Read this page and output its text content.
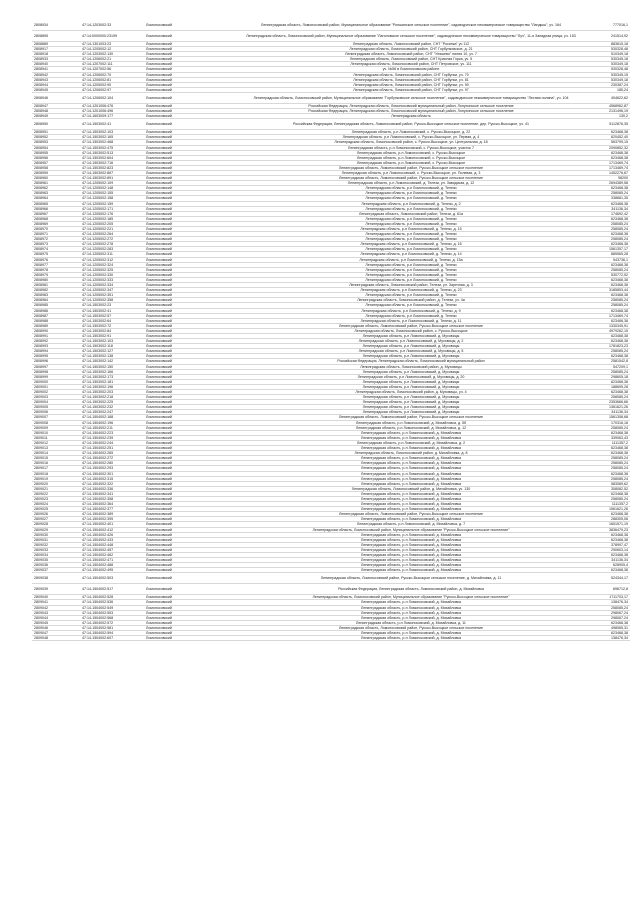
2808934	47:14-1203002:33	Ломоносовский	Ленинградская область, Ломоносовский район, Муниципальное образование "Ропшинское сельское поселение", садоводческое некоммерческое товарищество "Ландыш", уч. 164	777016,1
2808895	47:14:0000000:23199	Ломоносовский	Ленинградская область, Ломоносовский район, Муниципальное образование "Лаголовское сельское поселение", садоводческое некоммерческое товарищество "Луч", 11-я Западная улица, уч. 153	241514,92
2808889	47:14-1301003:23	Ломоносовский	Ленинградская область, Ломоносовский район, СНТ "Росинка" уч 112	883615,18
2808917	47:14-1205002:12	Ломоносовский	Ленинградская область, Ломоносовский район, СНТ Горбунковское, д. 21	530328,48
2808918	47:14-1203002:130	Ломоносовский	Ленинградская область, Ломоносовский район, СНТ "Уляшево" линия 10, уч. 7	510349,18
2808933	47:14-1206002:21	Ломоносовский	Ленинградская область, Ломоносовский район, СНТ Красная Горка, уч. 5	530345,18
2808940	47:14-1207002:111	Ломоносовский	Ленинградская область, Ломоносовский район, СНТ Петровское, уч. 111	530349,18
2808941	47:14-1207002:56	Ломоносовский	уч. №56 в Ломоносовском районе	530328,48
2808942	47:14-1206002:70	Ломоносовский	Ленинградская область, Ломоносовский район, СНТ Горбунки, уч. 70	530345,15
2808943	47:14-1206002:81	Ломоносовский	Ленинградская область, Ломоносовский район, СНТ Горбунки, уч. 81	530349,18
2808944	47:14-1205002:90	Ломоносовский	Ленинградская область, Ломоносовский район, СНТ Горбунки, уч. 90	230387,24
2808945	47:14-1206002:97	Ломоносовский	Ленинградская область, Ломоносовский район, СНТ Горбунки, уч. 97	185,24
2808946	47:14-1206002:104	Ломоносовский	Ленинградская область, Ломоносовский район, Муниципальное образование "Горбунковское сельское поселение", садоводческое некоммерческое товарищество "Лесная поляна", уч. 104	404622,62
2808947	47:14-1201006:476	Ломоносовский	Российская Федерация, Ленинградская область, Ломоносовский муниципальный район, Лопухинское сельское поселение	4568962,87
2808948	47:14-1201006:496	Ломоносовский	Российская Федерация, Ленинградская область, Ломоносовский муниципальный район, Лопухинское сельское поселение	2131496,19
2808949	47:14-1603009:177	Ломоносовский	Ленинградская область	130,2
2808950	47:14-1503002:41	Ломоносовский	Российская Федерация, Ленинградская область, Ломоносовский район, Русско-Высоцкое сельское поселение, дер. Русско-Высоцкое, уч. 41	5112876,35
2808951	47:14-1503002:103	Ломоносовский	Ленинградская область, р-н Ломоносовский, с. Русско-Высоцкое, д. 22	623468,38
2808952	47:14-1503002:165	Ломоносовский	Ленинградская область, р-н Ломоносовский, с. Русско-Высоцкое, ул. Первая, д. 4	620452,40
2808953	47:14-1503002:468	Ломоносовский	Ленинградская область, Ломоносовский район, с. Русско-Высоцкое, ул. Центральная, д. 18	563799,15
2808954	47:14-1503002:475	Ломоносовский	Ленинградская область, р-н Ломоносовский, с. Русско-Высоцкое, участок 7	2090852,32
2808955	47:14-1503002:513	Ломоносовский	Ленинградская область, р-н Ломоносовский, с. Русско-Высоцкое	623468,38
2808956	47:14-1503002:604	Ломоносовский	Ленинградская область, р-н Ломоносовский, с. Русско-Высоцкое	623468,38
2808957	47:14-1503002:716	Ломоносовский	Ленинградская область, р-н Ломоносовский, с. Русско-Высоцкое	1713469,74
2808958	47:14-1503002:823	Ломоносовский	Ленинградская область, Ломоносовский район, Русско-Высоцкое сельское поселение	1713469,74
2808959	47:14-1503002:867	Ломоносовский	Ленинградская область, р-н Ломоносовский, с. Русско-Высоцкое, ул. Полевая, д. 3	1452276,67
2808960	47:14-1503002:891	Ломоносовский	Ленинградская область, Ломоносовский район, Русско-Высоцкое сельское поселение	98200
2808961	47:14-1205002:109	Ломоносовский	Ленинградская область, р-н Ломоносовский, д. Телези, ул. Заводская, д. 12	2694389,58
2808962	47:14-1205002:148	Ломоносовский	Ленинградская область, р-н Ломоносовский, д. Телези	623468,38
2808963	47:14-1205002:155	Ломоносовский	Ленинградская область, р-н Ломоносовский, д. Телези	258085,24
2808964	47:14-1205002:158	Ломоносовский	Ленинградская область, р-н Ломоносовский, д. Телези	338681,35
2808965	47:14-1205002:159	Ломоносовский	Ленинградская область, р-н Ломоносовский, д. Телези, д. 2	623468,38
2808966	47:14-1205002:171	Ломоносовский	Ленинградская область, р-н Ломоносовский, д. Телези	341136,34
2808967	47:14-1205002:176	Ломоносовский	Ленинградская область, Ломоносовский район, Телези, д. 61а	174692,42
2808968	47:14-1205002:185	Ломоносовский	Ленинградская область, р-н Ломоносовский, д. Телези	623468,38
2808969	47:14-1205002:205	Ломоносовский	Ленинградская область, р-н Ломоносовский, д. Телези	258085,24
2808970	47:14-1205002:221	Ломоносовский	Ленинградская область, р-н Ломоносовский, д. Телези, д. 15	258085,24
2808971	47:14-1205002:264	Ломоносовский	Ленинградская область, р-н Ломоносовский, д. Телези	623468,38
2808972	47:14-1205002:272	Ломоносовский	Ленинградская область, р-н Ломоносовский, д. Телези	258085,24
2808973	47:14-1205002:278	Ломоносовский	Ленинградская область, р-н Ломоносовский, д. Телези, д. 16	623468,38
2808974	47:14-1205002:283	Ломоносовский	Ленинградская область, р-н Ломоносовский, д. Телези	1561357,17
2808975	47:14-1205002:311	Ломоносовский	Ленинградская область, р-н Ломоносовский, д. Телези, д. 14	885565,28
2808976	47:14-1205002:312	Ломоносовский	Ленинградская область, р-н Ломоносовский, д. Телези, д. 15а	543736,1
2808977	47:14-1205002:324	Ломоносовский	Ленинградская область, р-н Ломоносовский, д. Телези	623468,38
2808978	47:14-1205002:325	Ломоносовский	Ленинградская область, р-н Ломоносовский, д. Телези	258085,24
2808979	47:14-1205002:330	Ломоносовский	Ленинградская область, р-н Ломоносовский, д. Телези	530772,52
2808980	47:14-1205002:333	Ломоносовский	Ленинградская область, р-н Ломоносовский, д. Телези	623468,38
2808981	47:14-1205002:334	Ломоносовский	Ленинградская область, Ломоносовский район, Телези, ул. Заречная, д. 3	623468,38
2808982	47:14-1205002:347	Ломоносовский	Ленинградская область, р-н Ломоносовский, д. Телези, д. 23	3185853,44
2808983	47:14-1205002:351	Ломоносовский	Ленинградская область, р-н Ломоносовский, д. Телези	623468,38
2808984	47:14-1205002:358	Ломоносовский	Ленинградская область, Ломоносовский район, д. Телези, уч. 4а	258085,24
2808985	47:14-1503002:23	Ломоносовский	Ленинградская область, р-н Ломоносовский, д. Телези	258085,24
2808986	47:14-1503002:41	Ломоносовский	Ленинградская область, р-н Ломоносовский, д. Телези, д. 9	623468,38
2808987	47:14-1503002:57	Ломоносовский	Ленинградская область, р-н Ломоносовский, д. Телези	1713469,74
2808988	47:14-1503002:64	Ломоносовский	Ленинградская область, р-н Ломоносовский, д. Телези, д. 11	623468,38
2808989	47:14-1503002:72	Ломоносовский	Ленинградская область, Ломоносовский район, Русско-Высоцкое сельское поселение	1330345,91
2808990	47:14-1503002:84	Ломоносовский	Ленинградская область, Ломоносовский район, с. Русско-Высоцкое	4979262,15
2808991	47:14-1503002:91	Ломоносовский	Ленинградская область, р-н Ломоносовский, д. Муховицы	623468,38
2808992	47:14-1503002:103	Ломоносовский	Ленинградская область, р-н Ломоносовский, д. Муховицы, д. 2	623468,38
2808993	47:14-1503002:118	Ломоносовский	Ленинградская область, р-н Ломоносовский, д. Муховицы	1781823,23
2808994	47:14-1503002:127	Ломоносовский	Ленинградская область, р-н Ломоносовский, д. Муховицы, д. 5	258085,24
2808995	47:14-1503002:138	Ломоносовский	Ленинградская область, р-н Ломоносовский, д. Муховицы	623468,38
2808996	47:14-1503002:142	Ломоносовский	Российская Федерация, Ленинградская область, Ломоносовский муниципальный район	2581542,8
2808997	47:14-1503002:150	Ломоносовский	Ленинградская область, Ломоносовский район, д. Муховицы	547209,1
2808998	47:14-1503002:166	Ломоносовский	Ленинградская область, р-н Ломоносовский, д. Муховицы	258085,24
2808999	47:14-1503002:173	Ломоносовский	Ленинградская область, р-н Ломоносовский, д. Муховицы, д. 20	298605,18
2809000	47:14-1503002:181	Ломоносовский	Ленинградская область, р-н Ломоносовский, д. Муховицы	623468,38
2809001	47:14-1503002:196	Ломоносовский	Ленинградская область, р-н Ломоносовский, д. Муховицы	188695,28
2809002	47:14-1503002:203	Ломоносовский	Ленинградская область, Ломоносовский район, д. Муховицы, уч. 4	623468,38
2809003	47:14-1503002:218	Ломоносовский	Ленинградская область, р-н Ломоносовский, д. Муховицы	258085,24
2809004	47:14-1503002:225	Ломоносовский	Ленинградская область, р-н Ломоносовский, д. Муховицы	2353666,66
2809005	47:14-1503002:232	Ломоносовский	Ленинградская область, р-н Ломоносовский, д. Муховицы	1361621,26
2809006	47:14-1503002:247	Ломоносовский	Ленинградская область, р-н Ломоносовский, д. Муховицы	341136,34
2809007	47:14-1504002:188	Ломоносовский	Ленинградская область, Ломоносовский район, Русско-Высоцкое сельское поселение	1561358,68
2809008	47:14-1504002:196	Ломоносовский	Ленинградская область, р-н Ломоносовский, д. Михайловка, д. 5б	170316,18
2809009	47:14-1504002:211	Ломоносовский	Ленинградская область, р-н Ломоносовский, д. Михайловка, д. 12	258085,24
2809010	47:14-1504002:223	Ломоносовский	Ленинградская область, р-н Ломоносовский, д. Михайловка	623468,38
2809011	47:14-1504002:239	Ломоносовский	Ленинградская область, р-н Ломоносовский, д. Михайловка	339063,43
2809012	47:14-1504002:244	Ломоносовский	Ленинградская область, р-н Ломоносовский, д. Михайловка, д. 2	1111357,2
2809013	47:14-1504002:251	Ломоносовский	Ленинградская область, р-н Ломоносовский, д. Михайловка	623468,38
2809014	47:14-1504002:265	Ломоносовский	Ленинградская область, Ломоносовский район, д. Михайловка, д. 8	623468,38
2809015	47:14-1504002:272	Ломоносовский	Ленинградская область, р-н Ломоносовский, д. Михайловка	258085,24
2809016	47:14-1504002:280	Ломоносовский	Ленинградская область, р-н Ломоносовский, д. Михайловка	258085,24
2809017	47:14-1504002:293	Ломоносовский	Ленинградская область, р-н Ломоносовский, д. Михайловка	258085,24
2809018	47:14-1504002:301	Ломоносовский	Ленинградская область, р-н Ломоносовский, д. Михайловка	623468,38
2809019	47:14-1504002:315	Ломоносовский	Ленинградская область, р-н Ломоносовский, д. Михайловка	258085,24
2809020	47:14-1504002:322	Ломоносовский	Ленинградская область, р-н Ломоносовский, д. Михайловка	583089,62
2809021	47:14-1504002:336	Ломоносовский	Ленинградская область, Ломоносовский район, д. Михайловка, уч. 130	308082,52
2809022	47:14-1504002:341	Ломоносовский	Ленинградская область, р-н Ломоносовский, д. Михайловка	623468,38
2809023	47:14-1504002:358	Ломоносовский	Ленинградская область, р-н Ломоносовский, д. Михайловка	258085,24
2809024	47:14-1504002:364	Ломоносовский	Ленинградская область, р-н Ломоносовский, д. Михайловка	1111357,2
2809025	47:14-1504002:377	Ломоносовский	Ленинградская область, р-н Ломоносовский, д. Михайловка	1561621,26
2809026	47:14-1504002:389	Ломоносовский	Ленинградская область, Ломоносовский район, Русско-Высоцкое сельское поселение	623468,38
2809027	47:14-1504002:395	Ломоносовский	Ленинградская область, р-н Ломоносовский, д. Михайловка	288305,06
2809028	47:14-1504002:401	Ломоносовский	Ленинградская область, р-н Ломоносовский, д. Михайловка, д. 7	1651571,19
2809029	47:14-1504002:412	Ломоносовский	Ленинградская область, Ломоносовский район, Муниципальное образование "Русско-Высоцкое сельское поселение"	3836479,23
2809030	47:14-1504002:426	Ломоносовский	Ленинградская область, р-н Ломоносовский, д. Михайловка	623468,38
2809031	47:14-1504002:433	Ломоносовский	Ленинградская область, р-н Ломоносовский, д. Михайловка	623468,38
2809032	47:14-1504002:448	Ломоносовский	Ленинградская область, р-н Ломоносовский, д. Михайловка	378997,47
2809033	47:14-1504002:457	Ломоносовский	Ленинградская область, р-н Ломоносовский, д. Михайловка	290603,14
2809034	47:14-1504002:462	Ломоносовский	Ленинградская область, р-н Ломоносовский, д. Михайловка	623468,38
2809035	47:14-1504002:471	Ломоносовский	Ленинградская область, р-н Ломоносовский, д. Михайловка	341136,34
2809036	47:14-1504002:488	Ломоносовский	Ленинградская область, р-н Ломоносовский, д. Михайловка	628905,4
2809037	47:14-1504002:495	Ломоносовский	Ленинградская область, р-н Ломоносовский, д. Михайловка	623468,38
2809038	47:14-1504002:503	Ломоносовский	Ленинградская область, Ломоносовский район, Русско-Высоцкое сельское поселение, д. Михайловка, д. 11	524344,17
2809039	47:14-1504002:517	Ломоносовский	Российская Федерация, Ленинградская область, Ломоносовский район, д. Михайловка	696712,8
2809040	47:14-1504002:528	Ломоносовский	Ленинградская область, Ломоносовский район, Муниципальное образование "Русско-Высоцкое сельское поселение"	1711703,17
2809041	47:14-1504002:536	Ломоносовский	Ленинградская область, р-н Ломоносовский, д. Михайловка	138476,34
2809042	47:14-1504002:549	Ломоносовский	Ленинградская область, р-н Ломоносовский, д. Михайловка	258085,24
2809043	47:14-1504002:553	Ломоносовский	Ленинградская область, р-н Ломоносовский, д. Михайловка	298067,24
2809044	47:14-1504002:568	Ломоносовский	Ленинградская область, р-н Ломоносовский, д. Михайловка	298067,24
2809045	47:14-1504002:572	Ломоносовский	Ленинградская область, р-н Ломоносовский, д. Михайловка, д. 11	623468,38
2809046	47:14-1504002:581	Ломоносовский	Ленинградская область, Ломоносовский район, Русско-Высоцкое сельское поселение	498065,31
2809047	47:14-1504002:594	Ломоносовский	Ленинградская область, р-н Ломоносовский, д. Михайловка	623468,38
2809048	47:14-1504002:607	Ломоносовский	Ленинградская область, р-н Ломоносовский, д. Михайловка	138476,34
